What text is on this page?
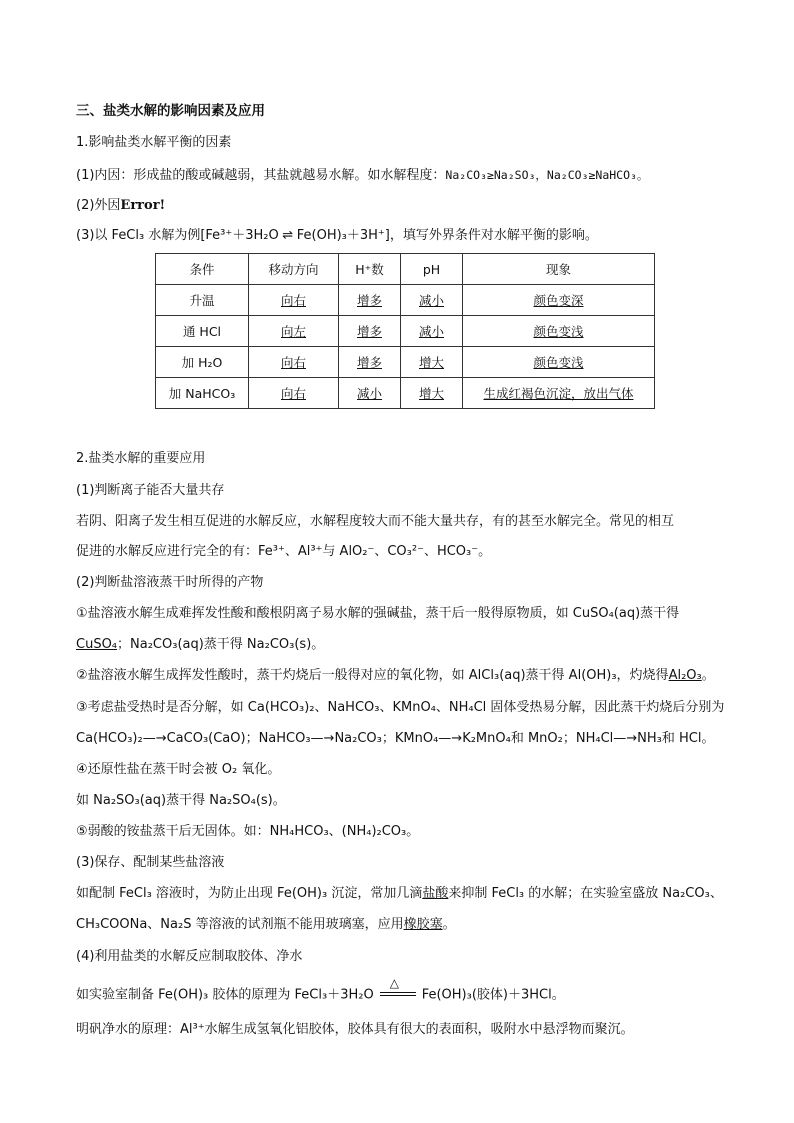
三、盐类水解的影响因素及应用
1.影响盐类水解平衡的因素
(1)内因：形成盐的酸或碱越弱，其盐就越易水解。如水解程度：Na₂CO₃≥Na₂SO₃，Na₂CO₃≥NaHCO₃。
(2)外因Error!
(3)以 FeCl₃ 水解为例[Fe³⁺＋3H₂O ⇌ Fe(OH)₃＋3H⁺]，填写外界条件对水解平衡的影响。
条件	移动方向	H⁺数	pH	现象
升温	向右	增多	减小	颜色变深
通 HCl	向左	增多	减小	颜色变浅
加 H₂O	向右	增多	增大	颜色变浅
加 NaHCO₃	向右	减小	增大	生成红褐色沉淀，放出气体
2.盐类水解的重要应用
(1)判断离子能否大量共存
若阴、阳离子发生相互促进的水解反应，水解程度较大而不能大量共存，有的甚至水解完全。常见的相互
促进的水解反应进行完全的有：Fe³⁺、Al³⁺与 AlO₂⁻、CO₃²⁻、HCO₃⁻。
(2)判断盐溶液蒸干时所得的产物
①盐溶液水解生成难挥发性酸和酸根阴离子易水解的强碱盐，蒸干后一般得原物质，如 CuSO₄(aq)蒸干得
CuSO₄；Na₂CO₃(aq)蒸干得 Na₂CO₃(s)。
②盐溶液水解生成挥发性酸时，蒸干灼烧后一般得对应的氧化物，如 AlCl₃(aq)蒸干得 Al(OH)₃，灼烧得Al₂O₃。
③考虑盐受热时是否分解，如 Ca(HCO₃)₂、NaHCO₃、KMnO₄、NH₄Cl 固体受热易分解，因此蒸干灼烧后分别为
Ca(HCO₃)₂—→CaCO₃(CaO)；NaHCO₃—→Na₂CO₃；KMnO₄—→K₂MnO₄和 MnO₂；NH₄Cl—→NH₃和 HCl。
④还原性盐在蒸干时会被 O₂ 氧化。
如 Na₂SO₃(aq)蒸干得 Na₂SO₄(s)。
⑤弱酸的铵盐蒸干后无固体。如：NH₄HCO₃、(NH₄)₂CO₃。
(3)保存、配制某些盐溶液
如配制 FeCl₃ 溶液时，为防止出现 Fe(OH)₃ 沉淀，常加几滴盐酸来抑制 FeCl₃ 的水解；在实验室盛放 Na₂CO₃、
CH₃COONa、Na₂S 等溶液的试剂瓶不能用玻璃塞，应用橡胶塞。
(4)利用盐类的水解反应制取胶体、净水
如实验室制备 Fe(OH)₃ 胶体的原理为 FeCl₃＋3H₂O
△
Fe(OH)₃(胶体)＋3HCl。
明矾净水的原理：Al³⁺水解生成氢氧化铝胶体，胶体具有很大的表面积，吸附水中悬浮物而聚沉。
